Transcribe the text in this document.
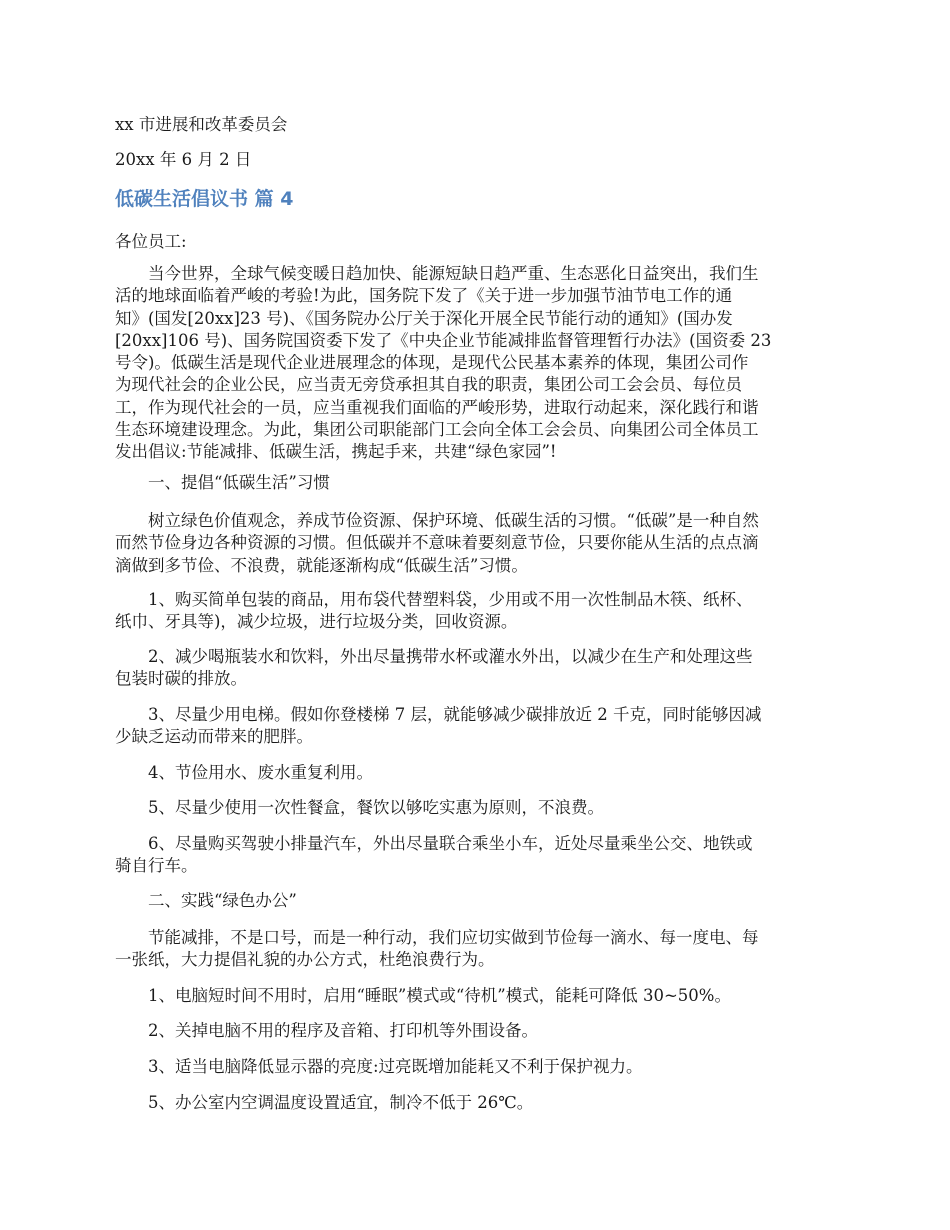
xx 市进展和改革委员会
20xx 年 6 月 2 日
低碳生活倡议书 篇 4
各位员工:

　　当今世界，全球气候变暖日趋加快、能源短缺日趋严重、生态恶化日益突出，我们生

活的地球面临着严峻的考验!为此，国务院下发了《关于进一步加强节油节电工作的通

知》(国发[20xx]23 号)、《国务院办公厅关于深化开展全民节能行动的通知》(国办发

[20xx]106 号)、国务院国资委下发了《中央企业节能减排监督管理暂行办法》(国资委 23

号令)。低碳生活是现代企业进展理念的体现，是现代公民基本素养的体现，集团公司作

为现代社会的企业公民，应当责无旁贷承担其自我的职责，集团公司工会会员、每位员

工，作为现代社会的一员，应当重视我们面临的严峻形势，进取行动起来，深化践行和谐

生态环境建设理念。为此，集团公司职能部门工会向全体工会会员、向集团公司全体员工

发出倡议:节能减排、低碳生活，携起手来，共建“绿色家园”!

　　一、提倡“低碳生活”习惯

　　树立绿色价值观念，养成节俭资源、保护环境、低碳生活的习惯。“低碳”是一种自然

而然节俭身边各种资源的习惯。但低碳并不意味着要刻意节俭，只要你能从生活的点点滴

滴做到多节俭、不浪费，就能逐渐构成“低碳生活”习惯。

　　1、购买简单包装的商品，用布袋代替塑料袋，少用或不用一次性制品木筷、纸杯、

纸巾、牙具等)，减少垃圾，进行垃圾分类，回收资源。

　　2、减少喝瓶装水和饮料，外出尽量携带水杯或灌水外出，以减少在生产和处理这些

包装时碳的排放。

　　3、尽量少用电梯。假如你登楼梯 7 层，就能够减少碳排放近 2 千克，同时能够因减

少缺乏运动而带来的肥胖。

　　4、节俭用水、废水重复利用。

　　5、尽量少使用一次性餐盒，餐饮以够吃实惠为原则，不浪费。

　　6、尽量购买驾驶小排量汽车，外出尽量联合乘坐小车，近处尽量乘坐公交、地铁或

骑自行车。

　　二、实践“绿色办公”

　　节能减排，不是口号，而是一种行动，我们应切实做到节俭每一滴水、每一度电、每

一张纸，大力提倡礼貌的办公方式，杜绝浪费行为。

　　1、电脑短时间不用时，启用“睡眠”模式或“待机”模式，能耗可降低 30~50%。

　　2、关掉电脑不用的程序及音箱、打印机等外围设备。

　　3、适当电脑降低显示器的亮度:过亮既增加能耗又不利于保护视力。

　　5、办公室内空调温度设置适宜，制冷不低于 26℃。
